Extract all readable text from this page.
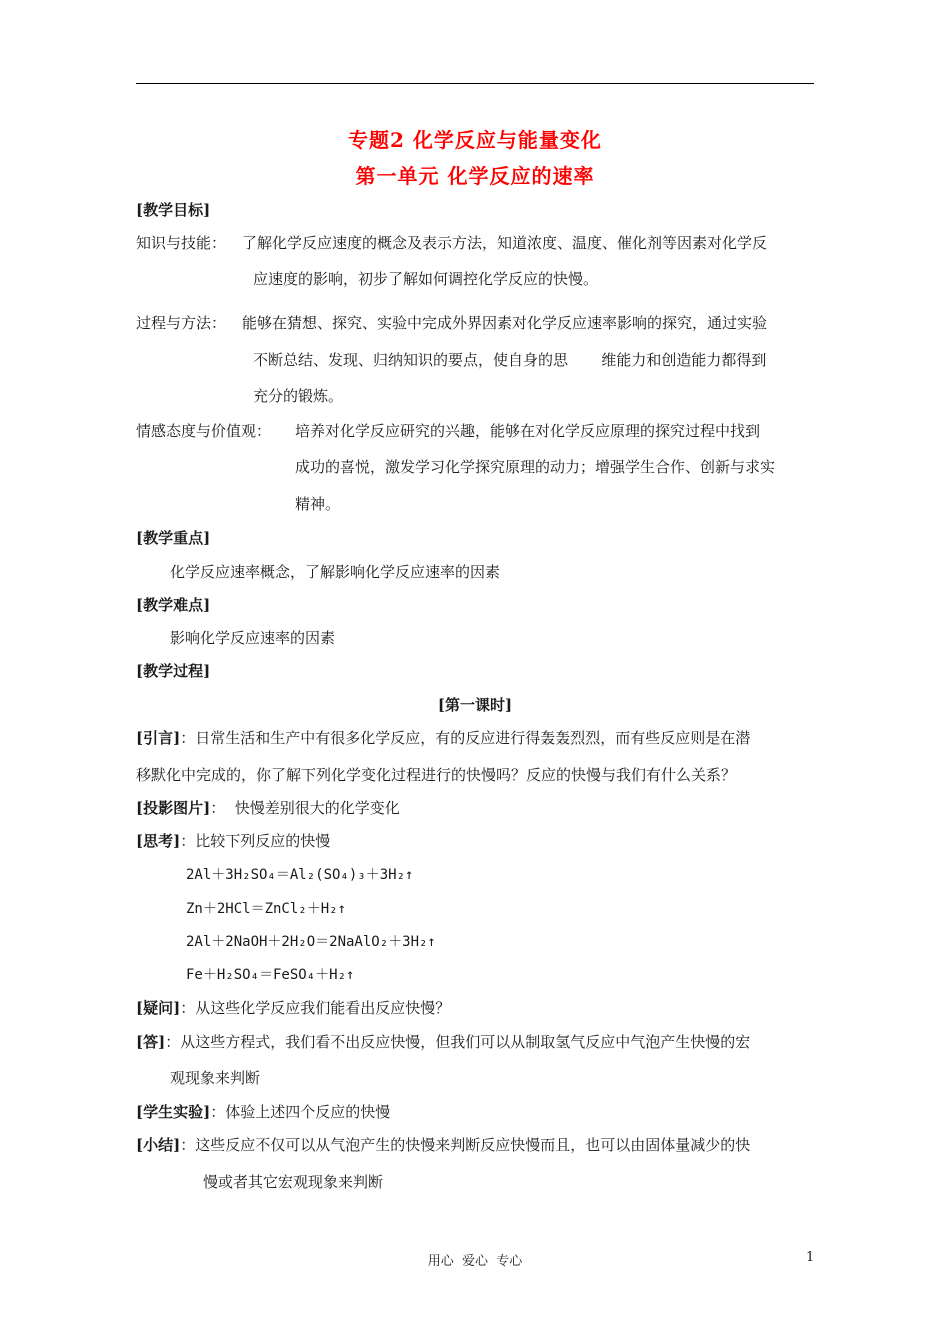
专题2 化学反应与能量变化
第一单元 化学反应的速率
[教学目标]
知识与技能： 了解化学反应速度的概念及表示方法，知道浓度、温度、催化剂等因素对化学反
应速度的影响，初步了解如何调控化学反应的快慢。
过程与方法： 能够在猜想、探究、实验中完成外界因素对化学反应速率影响的探究，通过实验
不断总结、发现、归纳知识的要点，使自身的思       维能力和创造能力都得到
充分的锻炼。
情感态度与价值观： 培养对化学反应研究的兴趣，能够在对化学反应原理的探究过程中找到
成功的喜悦，激发学习化学探究原理的动力；增强学生合作、创新与求实
精神。
[教学重点]
化学反应速率概念，了解影响化学反应速率的因素
[教学难点]
影响化学反应速率的因素
[教学过程]
[第一课时]
[引言]：日常生活和生产中有很多化学反应，有的反应进行得轰轰烈烈，而有些反应则是在潜
移默化中完成的，你了解下列化学变化过程进行的快慢吗？反应的快慢与我们有什么关系？
[投影图片]：  快慢差别很大的化学变化
[思考]：比较下列反应的快慢
2Al＋3H₂SO₄＝Al₂(SO₄)₃＋3H₂↑
Zn＋2HCl＝ZnCl₂＋H₂↑
2Al＋2NaOH＋2H₂O＝2NaAlO₂＋3H₂↑
Fe＋H₂SO₄＝FeSO₄＋H₂↑
[疑问]：从这些化学反应我们能看出反应快慢？
[答]：从这些方程式，我们看不出反应快慢，但我们可以从制取氢气反应中气泡产生快慢的宏
观现象来判断
[学生实验]：体验上述四个反应的快慢
[小结]：这些反应不仅可以从气泡产生的快慢来判断反应快慢而且，也可以由固体量减少的快
慢或者其它宏观现象来判断
用心  爱心  专心	1
